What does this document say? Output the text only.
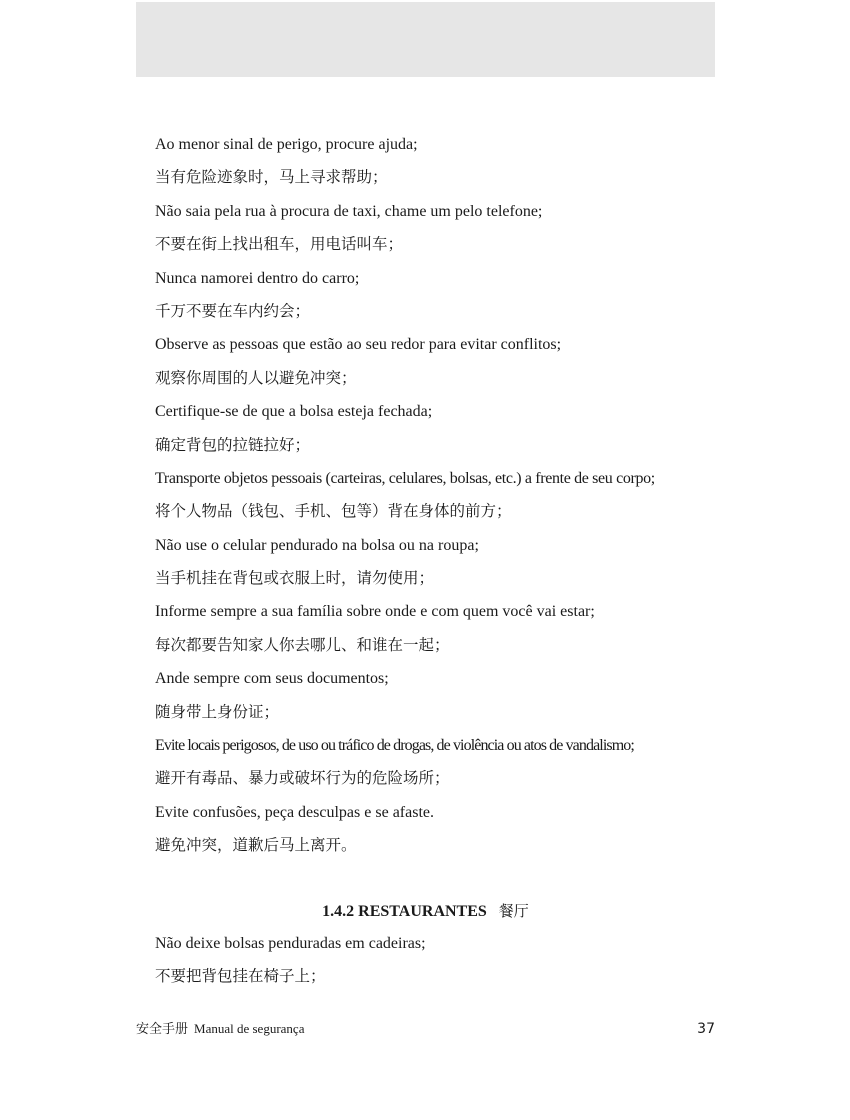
Ao menor sinal de perigo, procure ajuda;
当有危险迹象时，马上寻求帮助；
Não saia pela rua à procura de taxi, chame um pelo telefone;
不要在街上找出租车，用电话叫车；
Nunca namorei dentro do carro;
千万不要在车内约会；
Observe as pessoas que estão ao seu redor para evitar conflitos;
观察你周围的人以避免冲突；
Certifique-se de que a bolsa esteja fechada;
确定背包的拉链拉好；
Transporte objetos pessoais (carteiras, celulares, bolsas, etc.) a frente de seu corpo;
将个人物品（钱包、手机、包等）背在身体的前方；
Não use o celular pendurado na bolsa ou na roupa;
当手机挂在背包或衣服上时，请勿使用；
Informe sempre a sua família sobre onde e com quem você vai estar;
每次都要告知家人你去哪儿、和谁在一起；
Ande sempre com seus documentos;
随身带上身份证；
Evite locais perigosos, de uso ou tráfico de drogas, de violência ou atos de vandalismo;
避开有毒品、暴力或破坏行为的危险场所；
Evite confusões, peça desculpas e se afaste.
避免冲突，道歉后马上离开。
1.4.2 RESTAURANTES 餐厅
Não deixe bolsas penduradas em cadeiras;
不要把背包挂在椅子上；
安全手册 Manual de segurança	37
